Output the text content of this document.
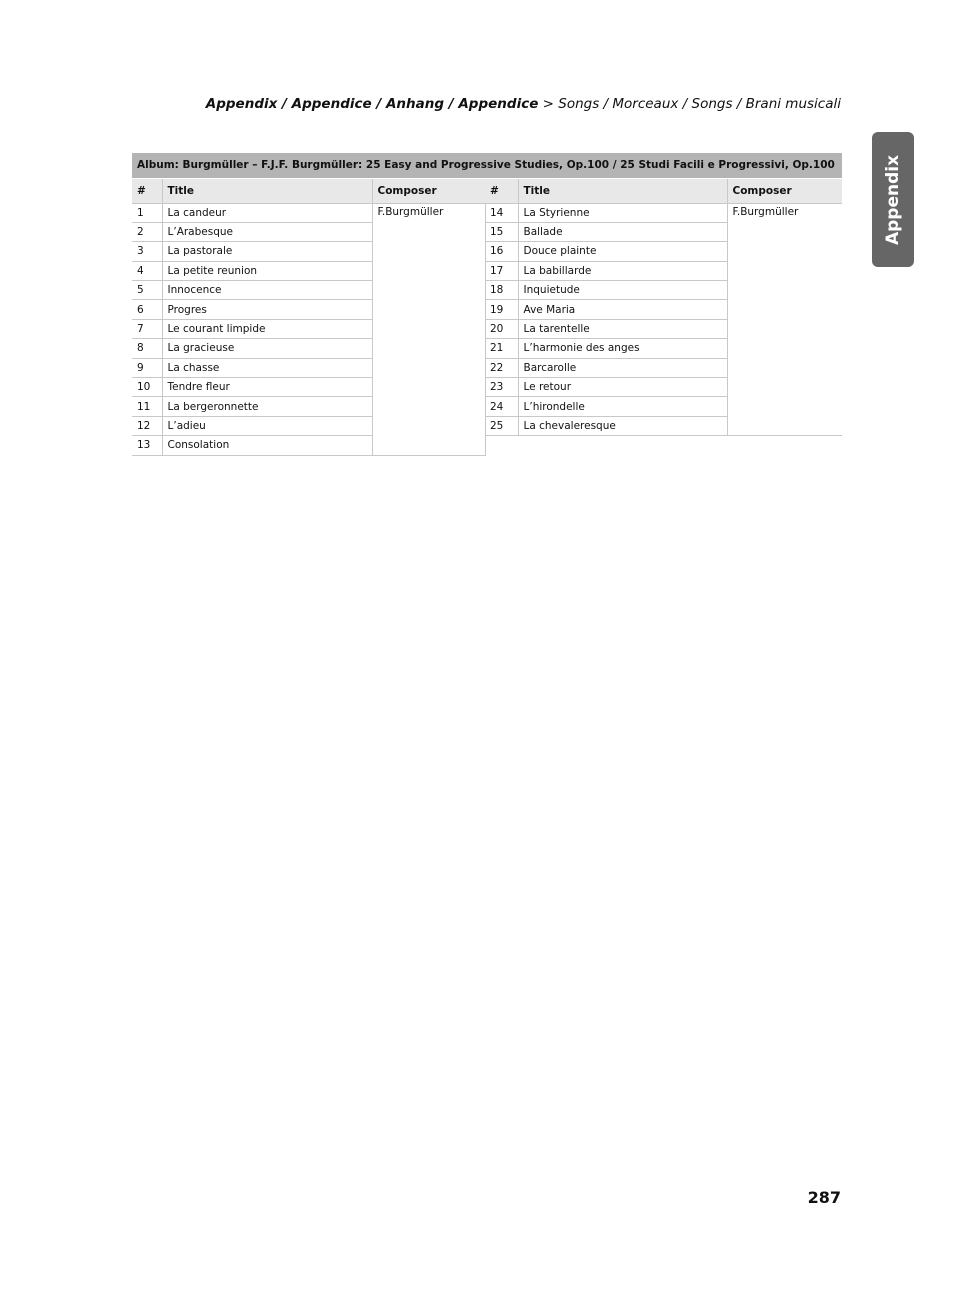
Appendix / Appendice / Anhang / Appendice > Songs / Morceaux / Songs / Brani musicali
Appendix
Album: Burgmüller – F.J.F. Burgmüller: 25 Easy and Progressive Studies, Op.100 / 25 Studi Facili e Progressivi, Op.100
#	Title	Composer
1	La candeur	F.Burgmüller
2	L’Arabesque	
3	La pastorale	
4	La petite reunion	
5	Innocence	
6	Progres	
7	Le courant limpide	
8	La gracieuse	
9	La chasse	
10	Tendre fleur	
11	La bergeronnette	
12	L’adieu	
13	Consolation	
#	Title	Composer
14	La Styrienne	F.Burgmüller
15	Ballade	
16	Douce plainte	
17	La babillarde	
18	Inquietude	
19	Ave Maria	
20	La tarentelle	
21	L’harmonie des anges	
22	Barcarolle	
23	Le retour	
24	L’hirondelle	
25	La chevaleresque	
287
